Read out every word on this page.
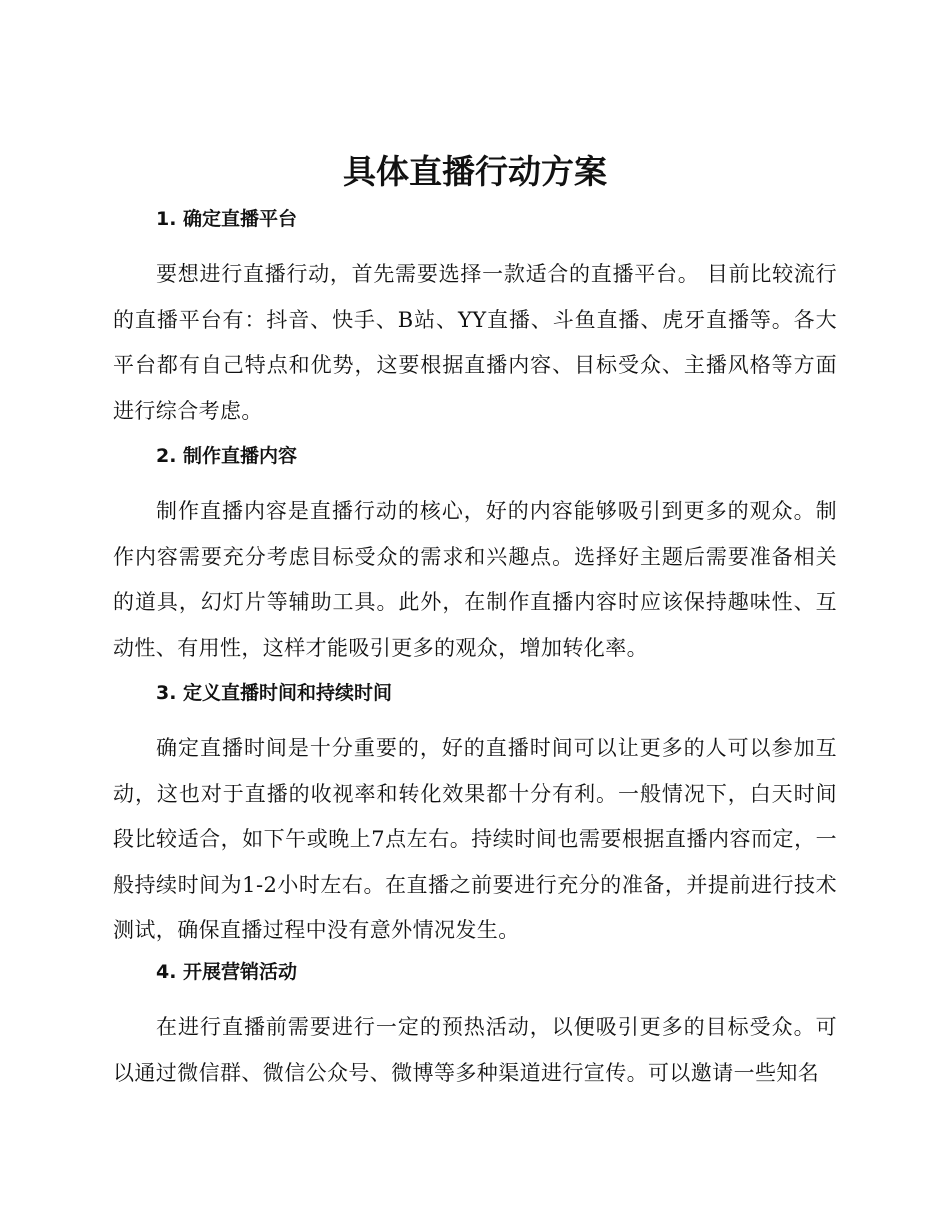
具体直播行动方案
1. 确定直播平台

要想进行直播行动，首先需要选择一款适合的直播平台。 目前比较流行的直播平台有：抖音、快手、B站、YY直播、斗鱼直播、虎牙直播等。各大平台都有自己特点和优势，这要根据直播内容、目标受众、主播风格等方面进行综合考虑。

2. 制作直播内容

制作直播内容是直播行动的核心，好的内容能够吸引到更多的观众。制作内容需要充分考虑目标受众的需求和兴趣点。选择好主题后需要准备相关的道具，幻灯片等辅助工具。此外，在制作直播内容时应该保持趣味性、互动性、有用性，这样才能吸引更多的观众，增加转化率。

3. 定义直播时间和持续时间

确定直播时间是十分重要的，好的直播时间可以让更多的人可以参加互动，这也对于直播的收视率和转化效果都十分有利。一般情况下，白天时间段比较适合，如下午或晚上7点左右。持续时间也需要根据直播内容而定，一般持续时间为1-2小时左右。在直播之前要进行充分的准备，并提前进行技术测试，确保直播过程中没有意外情况发生。

4. 开展营销活动

在进行直播前需要进行一定的预热活动，以便吸引更多的目标受众。可以通过微信群、微信公众号、微博等多种渠道进行宣传。可以邀请一些知名
